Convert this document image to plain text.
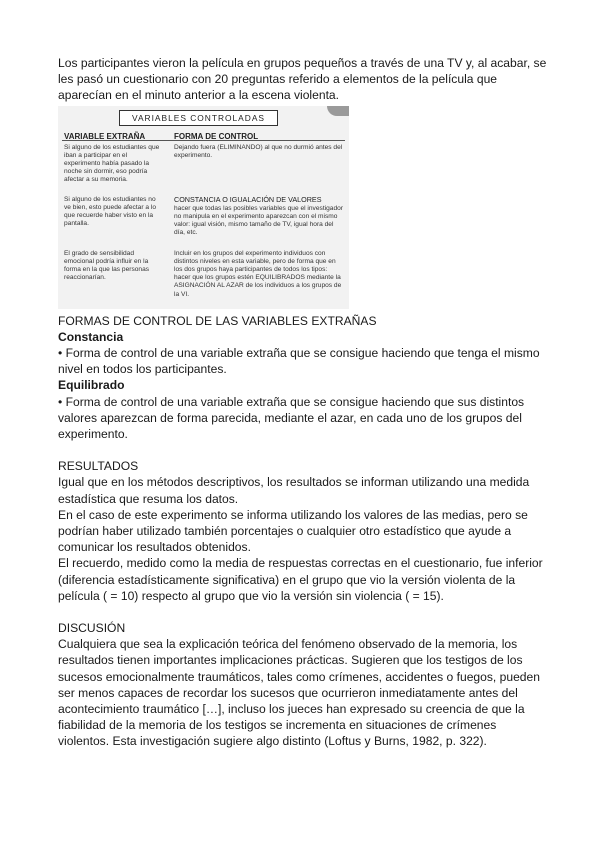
Los participantes vieron la película en grupos pequeños a través de una TV y, al acabar, se les pasó un cuestionario con 20 preguntas referido a elementos de la película que aparecían en el minuto anterior a la escena violenta.

VARIABLES CONTROLADAS
VARIABLE EXTRAÑA	FORMA DE CONTROL
Si alguno de los estudiantes que iban a participar en el experimento había pasado la noche sin dormir, eso podría afectar a su memoria.
Dejando fuera (ELIMINANDO) al que no durmió antes del experimento.
Si alguno de los estudiantes no ve bien, esto puede afectar a lo que recuerde haber visto en la pantalla.
CONSTANCIA O IGUALACIÓN DE VALORES
hacer que todas las posibles variables que el investigador no manipula en el experimento aparezcan con el mismo valor: igual visión, mismo tamaño de TV, igual hora del día, etc.
El grado de sensibilidad emocional podría influir en la forma en la que las personas reaccionarían.
Incluir en los grupos del experimento individuos con distintos niveles en esta variable, pero de forma que en los dos grupos haya participantes de todos los tipos: hacer que los grupos estén EQUILIBRADOS mediante la ASIGNACIÓN AL AZAR de los individuos a los grupos de la VI.

FORMAS DE CONTROL DE LAS VARIABLES EXTRAÑAS

Constancia

• Forma de control de una variable extraña que se consigue haciendo que tenga el mismo nivel en todos los participantes.

Equilibrado

• Forma de control de una variable extraña que se consigue haciendo que sus distintos valores aparezcan de forma parecida, mediante el azar, en cada uno de los grupos del experimento.

RESULTADOS

Igual que en los métodos descriptivos, los resultados se informan utilizando una medida estadística que resuma los datos.

En el caso de este experimento se informa utilizando los valores de las medias, pero se podrían haber utilizado también porcentajes o cualquier otro estadístico que ayude a comunicar los resultados obtenidos.

El recuerdo, medido como la media de respuestas correctas en el cuestionario, fue inferior (diferencia estadísticamente significativa) en el grupo que vio la versión violenta de la película ( = 10) respecto al grupo que vio la versión sin violencia ( = 15).

DISCUSIÓN

Cualquiera que sea la explicación teórica del fenómeno observado de la memoria, los resultados tienen importantes implicaciones prácticas. Sugieren que los testigos de los sucesos emocionalmente traumáticos, tales como crímenes, accidentes o fuegos, pueden ser menos capaces de recordar los sucesos que ocurrieron inmediatamente antes del acontecimiento traumático […], incluso los jueces han expresado su creencia de que la fiabilidad de la memoria de los testigos se incrementa en situaciones de crímenes violentos. Esta investigación sugiere algo distinto (Loftus y Burns, 1982, p. 322).
